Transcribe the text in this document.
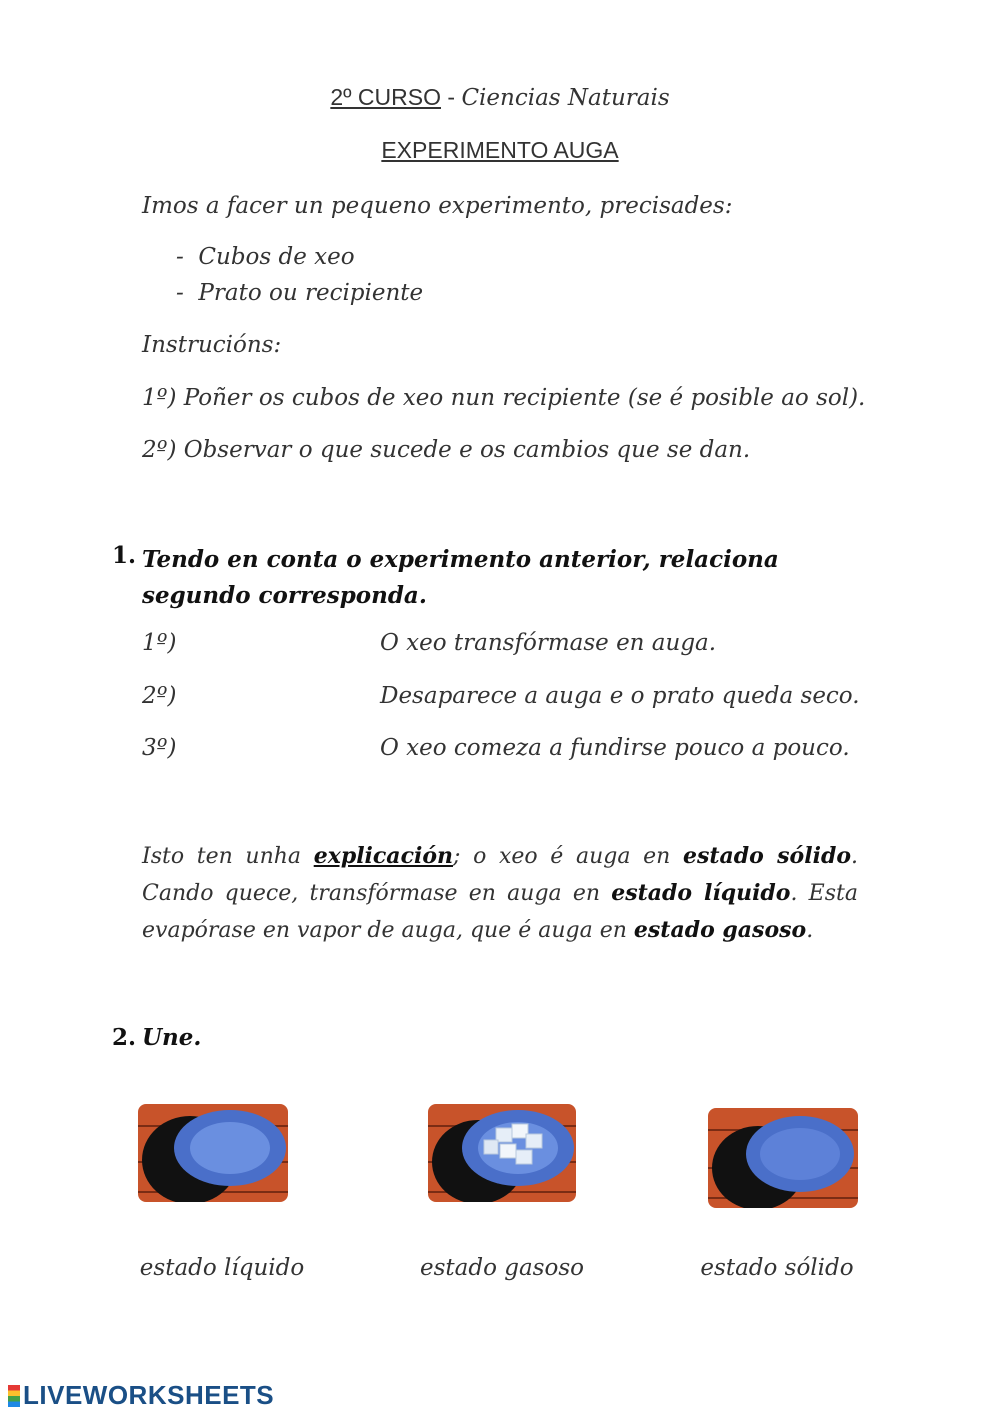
2º CURSO - Ciencias Naturais
EXPERIMENTO AUGA
Imos a facer un pequeno experimento, precisades:
-  Cubos de xeo
-  Prato ou recipiente
Instrucións:
1º) Poñer os cubos de xeo nun recipiente (se é posible ao sol).
2º) Observar o que sucede e os cambios que se dan.
1. Tendo en conta o experimento anterior, relaciona segundo corresponda.
1º)	O xeo transfórmase en auga.
2º)	Desaparece a auga e o prato queda seco.
3º)	O xeo comeza a fundirse pouco a pouco.
Isto ten unha explicación; o xeo é auga en estado sólido. Cando quece, transfórmase en auga en estado líquido. Esta evapórase en vapor de auga, que é auga en estado gasoso.
2. Une.
estado líquido	estado gasoso	estado sólido
LIVEWORKSHEETS
